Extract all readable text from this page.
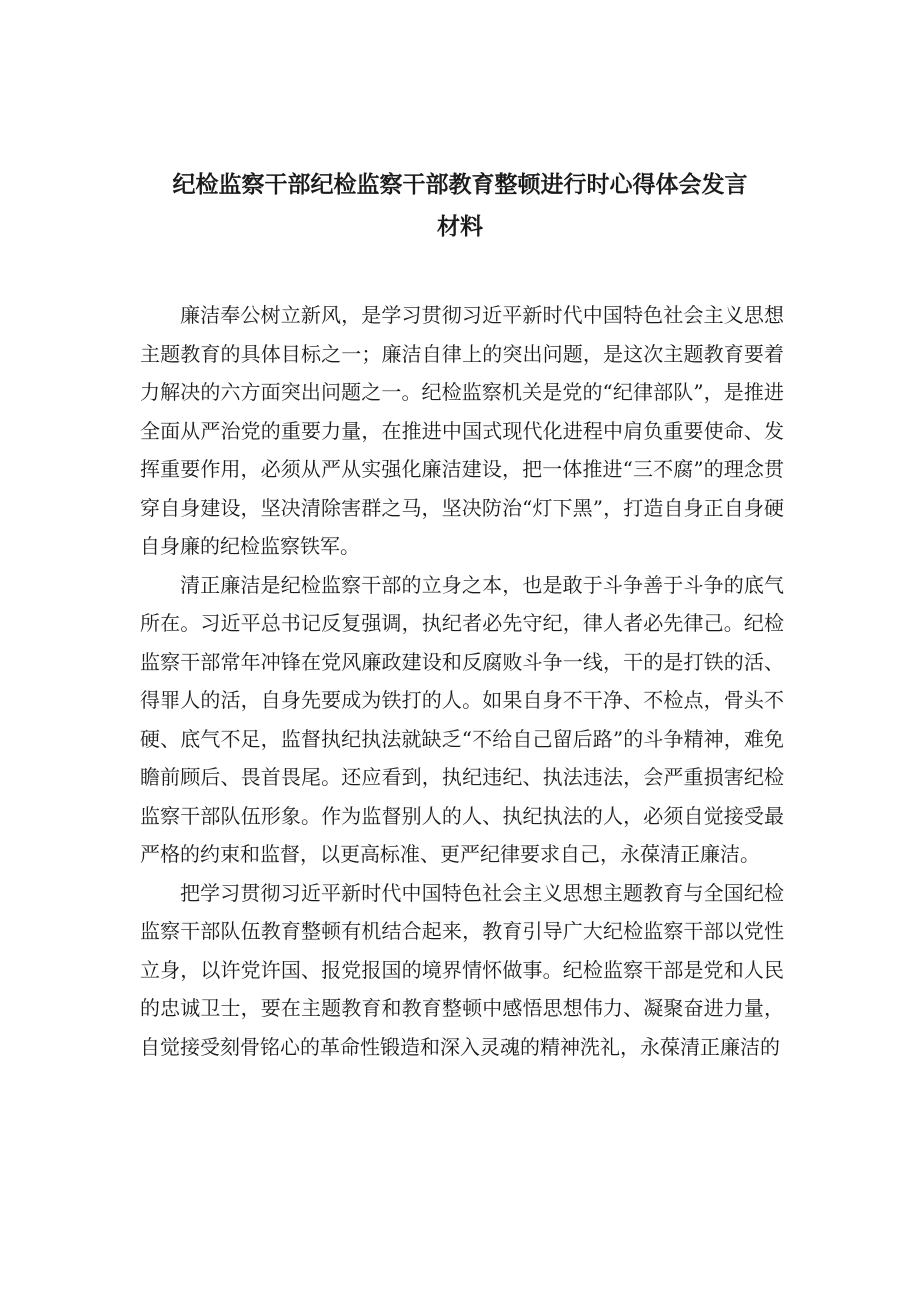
纪检监察干部纪检监察干部教育整顿进行时心得体会发言
材料

廉洁奉公树立新风，是学习贯彻习近平新时代中国特色社会主义思想主题教育的具体目标之一；廉洁自律上的突出问题，是这次主题教育要着力解决的六方面突出问题之一。纪检监察机关是党的“纪律部队”，是推进全面从严治党的重要力量，在推进中国式现代化进程中肩负重要使命、发挥重要作用，必须从严从实强化廉洁建设，把一体推进“三不腐”的理念贯穿自身建设，坚决清除害群之马，坚决防治“灯下黑”，打造自身正自身硬自身廉的纪检监察铁军。

清正廉洁是纪检监察干部的立身之本，也是敢于斗争善于斗争的底气所在。习近平总书记反复强调，执纪者必先守纪，律人者必先律己。纪检监察干部常年冲锋在党风廉政建设和反腐败斗争一线，干的是打铁的活、得罪人的活，自身先要成为铁打的人。如果自身不干净、不检点，骨头不硬、底气不足，监督执纪执法就缺乏“不给自己留后路”的斗争精神，难免瞻前顾后、畏首畏尾。还应看到，执纪违纪、执法违法，会严重损害纪检监察干部队伍形象。作为监督别人的人、执纪执法的人，必须自觉接受最严格的约束和监督，以更高标准、更严纪律要求自己，永葆清正廉洁。

把学习贯彻习近平新时代中国特色社会主义思想主题教育与全国纪检监察干部队伍教育整顿有机结合起来，教育引导广大纪检监察干部以党性立身，以许党许国、报党报国的境界情怀做事。纪检监察干部是党和人民的忠诚卫士，要在主题教育和教育整顿中感悟思想伟力、凝聚奋进力量，自觉接受刻骨铭心的革命性锻造和深入灵魂的精神洗礼，永葆清正廉洁的
